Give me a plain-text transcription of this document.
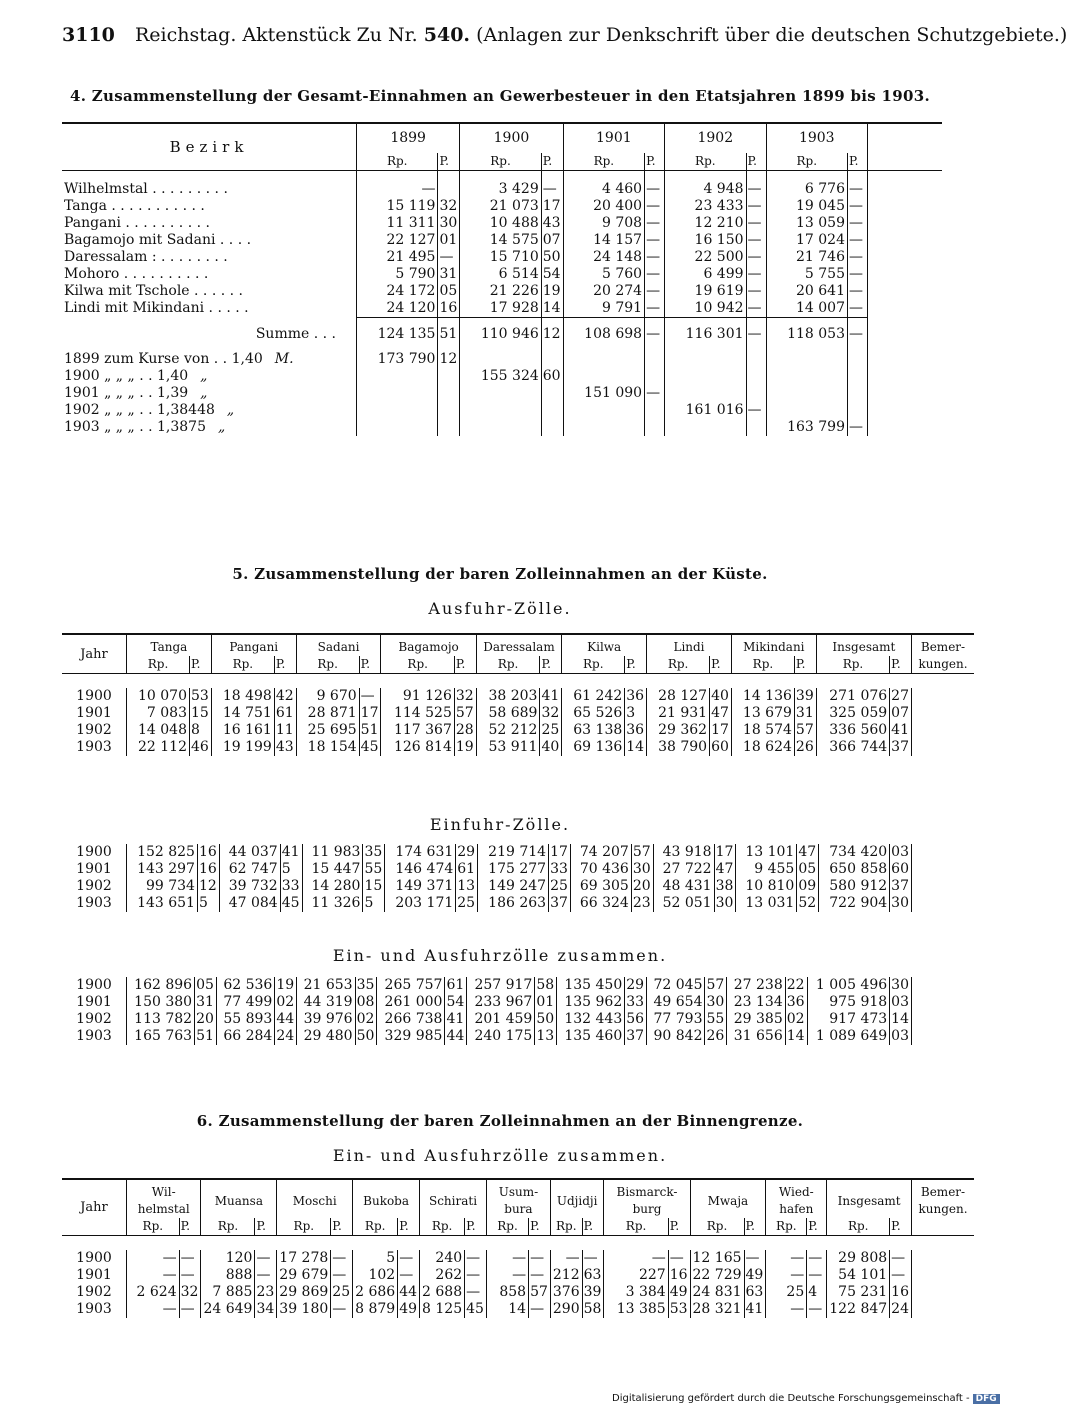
3110 Reichstag. Aktenstück Zu Nr. 540. (Anlagen zur Denkschrift über die deutschen Schutzgebiete.)
4. Zusammenstellung der Gesamt-Einnahmen an Gewerbesteuer in den Etatsjahren 1899 bis 1903.
Bezirk	1899		1900		1901		1902		1903		
	Rp.	P.	Rp.	P.	Rp.	P.	Rp.	P.	Rp.	P.	

Wilhelmstal . . . . . . . . .	—		3 429	—	4 460	—	4 948	—	6 776	—	
Tanga . . . . . . . . . . .	15 119	32	21 073	17	20 400	—	23 433	—	19 045	—	
Pangani . . . . . . . . . .	11 311	30	10 488	43	9 708	—	12 210	—	13 059	—	
Bagamojo mit Sadani . . . .	22 127	01	14 575	07	14 157	—	16 150	—	17 024	—	
Daressalam : . . . . . . . .	21 495	—	15 710	50	24 148	—	22 500	—	21 746	—	
Mohoro . . . . . . . . . .	5 790	31	6 514	54	5 760	—	6 499	—	5 755	—	
Kilwa mit Tschole . . . . . .	24 172	05	21 226	19	20 274	—	19 619	—	20 641	—	
Lindi mit Mikindani . . . . .	24 120	16	17 928	14	9 791	—	10 942	—	14 007	—	
Summe . . .	124 135	51	110 946	12	108 698	—	116 301	—	118 053	—	

1899 zum Kurse von . . 1,40 M.	173 790	12									
1900 „ „ „ . . 1,40 „			155 324	60							
1901 „ „ „ . . 1,39 „					151 090	—					
1902 „ „ „ . . 1,38448 „							161 016	—			
1903 „ „ „ . . 1,3875 „									163 799	—	
5. Zusammenstellung der baren Zolleinnahmen an der Küste.
Ausfuhr-Zölle.
Jahr	Tanga		Pangani		Sadani		Bagamojo		Daressalam		Kilwa		Lindi		Mikindani		Insgesamt		Bemer-kungen.
	Rp.	P.	Rp.	P.	Rp.	P.	Rp.	P.	Rp.	P.	Rp.	P.	Rp.	P.	Rp.	P.	Rp.	P.	

1900	10 070	53	18 498	42	9 670	—	91 126	32	38 203	41	61 242	36	28 127	40	14 136	39	271 076	27	
1901	7 083	15	14 751	61	28 871	17	114 525	57	58 689	32	65 526	3	21 931	47	13 679	31	325 059	07	
1902	14 048	8	16 161	11	25 695	51	117 367	28	52 212	25	63 138	36	29 362	17	18 574	57	336 560	41	
1903	22 112	46	19 199	43	18 154	45	126 814	19	53 911	40	69 136	14	38 790	60	18 624	26	366 744	37	
Einfuhr-Zölle.
1900	152 825	16	44 037	41	11 983	35	174 631	29	219 714	17	74 207	57	43 918	17	13 101	47	734 420	03	
1901	143 297	16	62 747	5	15 447	55	146 474	61	175 277	33	70 436	30	27 722	47	9 455	05	650 858	60	
1902	99 734	12	39 732	33	14 280	15	149 371	13	149 247	25	69 305	20	48 431	38	10 810	09	580 912	37	
1903	143 651	5	47 084	45	11 326	5	203 171	25	186 263	37	66 324	23	52 051	30	13 031	52	722 904	30	
Ein- und Ausfuhrzölle zusammen.
1900	162 896	05	62 536	19	21 653	35	265 757	61	257 917	58	135 450	29	72 045	57	27 238	22	1 005 496	30	
1901	150 380	31	77 499	02	44 319	08	261 000	54	233 967	01	135 962	33	49 654	30	23 134	36	975 918	03	
1902	113 782	20	55 893	44	39 976	02	266 738	41	201 459	50	132 443	56	77 793	55	29 385	02	917 473	14	
1903	165 763	51	66 284	24	29 480	50	329 985	44	240 175	13	135 460	37	90 842	26	31 656	14	1 089 649	03	
6. Zusammenstellung der baren Zolleinnahmen an der Binnengrenze.
Ein- und Ausfuhrzölle zusammen.
Jahr	Wil-helmstal		Muansa		Moschi		Bukoba		Schirati		Usum-bura		Udjidji		Bismarck-burg		Mwaja		Wied-hafen		Insgesamt		Bemer-kungen.
	Rp.	P.	Rp.	P.	Rp.	P.	Rp.	P.	Rp.	P.	Rp.	P.	Rp.	P.	Rp.	P.	Rp.	P.	Rp.	P.	Rp.	P.	

1900	—	—	120	—	17 278	—	5	—	240	—	—	—	—	—	—	—	12 165	—	—	—	29 808	—	
1901	—	—	888	—	29 679	—	102	—	262	—	—	—	212	63	227	16	22 729	49	—	—	54 101	—	
1902	2 624	32	7 885	23	29 869	25	2 686	44	2 688	—	858	57	376	39	3 384	49	24 831	63	25	4	75 231	16	
1903	—	—	24 649	34	39 180	—	8 879	49	8 125	45	14	—	290	58	13 385	53	28 321	41	—	—	122 847	24	
Digitalisierung gefördert durch die Deutsche Forschungsgemeinschaft - DFG
